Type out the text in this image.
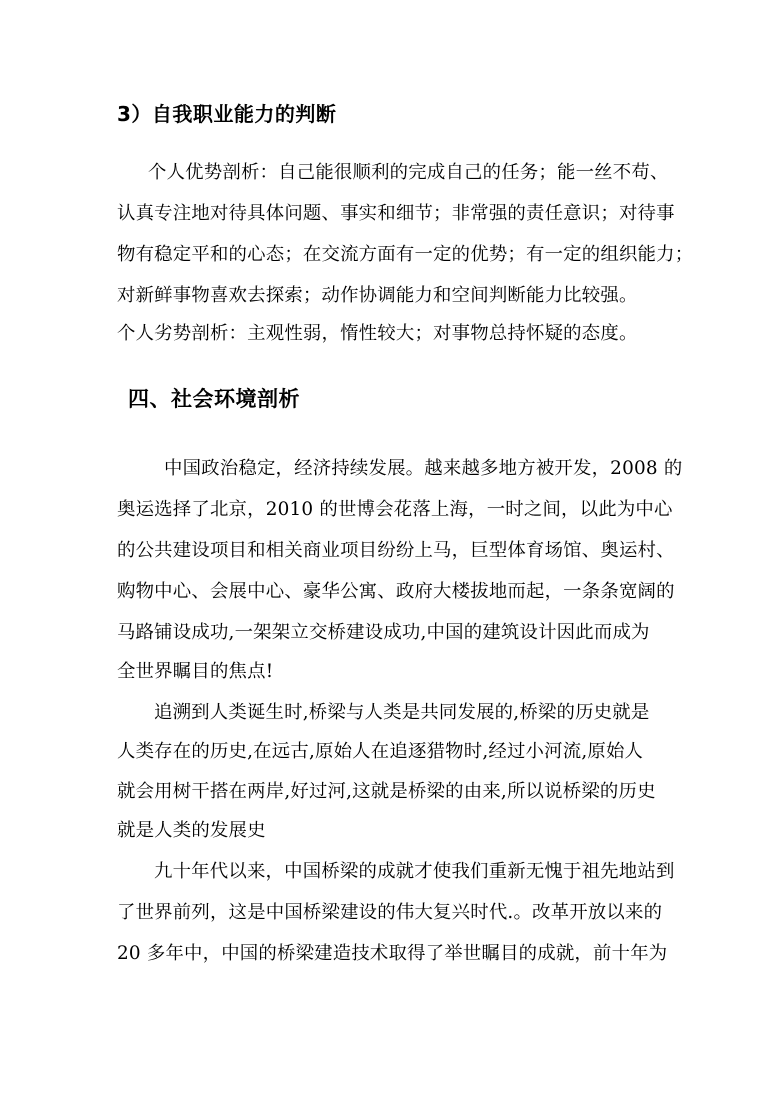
3）自我职业能力的判断
个人优势剖析：自己能很顺利的完成自己的任务；能一丝不苟、
认真专注地对待具体问题、事实和细节；非常强的责任意识；对待事
物有稳定平和的心态；在交流方面有一定的优势；有一定的组织能力；
对新鲜事物喜欢去探索；动作协调能力和空间判断能力比较强。
个人劣势剖析：主观性弱，惰性较大；对事物总持怀疑的态度。
四、社会环境剖析
中国政治稳定，经济持续发展。越来越多地方被开发，2008 的
奥运选择了北京，2010 的世博会花落上海，一时之间，以此为中心
的公共建设项目和相关商业项目纷纷上马，巨型体育场馆、奥运村、
购物中心、会展中心、豪华公寓、政府大楼拔地而起，一条条宽阔的
马路铺设成功,一架架立交桥建设成功,中国的建筑设计因此而成为
全世界瞩目的焦点!
追溯到人类诞生时,桥梁与人类是共同发展的,桥梁的历史就是
人类存在的历史,在远古,原始人在追逐猎物时,经过小河流,原始人
就会用树干搭在两岸,好过河,这就是桥梁的由来,所以说桥梁的历史
就是人类的发展史
九十年代以来，中国桥梁的成就才使我们重新无愧于祖先地站到
了世界前列，这是中国桥梁建设的伟大复兴时代.。改革开放以来的
20 多年中，中国的桥梁建造技术取得了举世瞩目的成就，前十年为
